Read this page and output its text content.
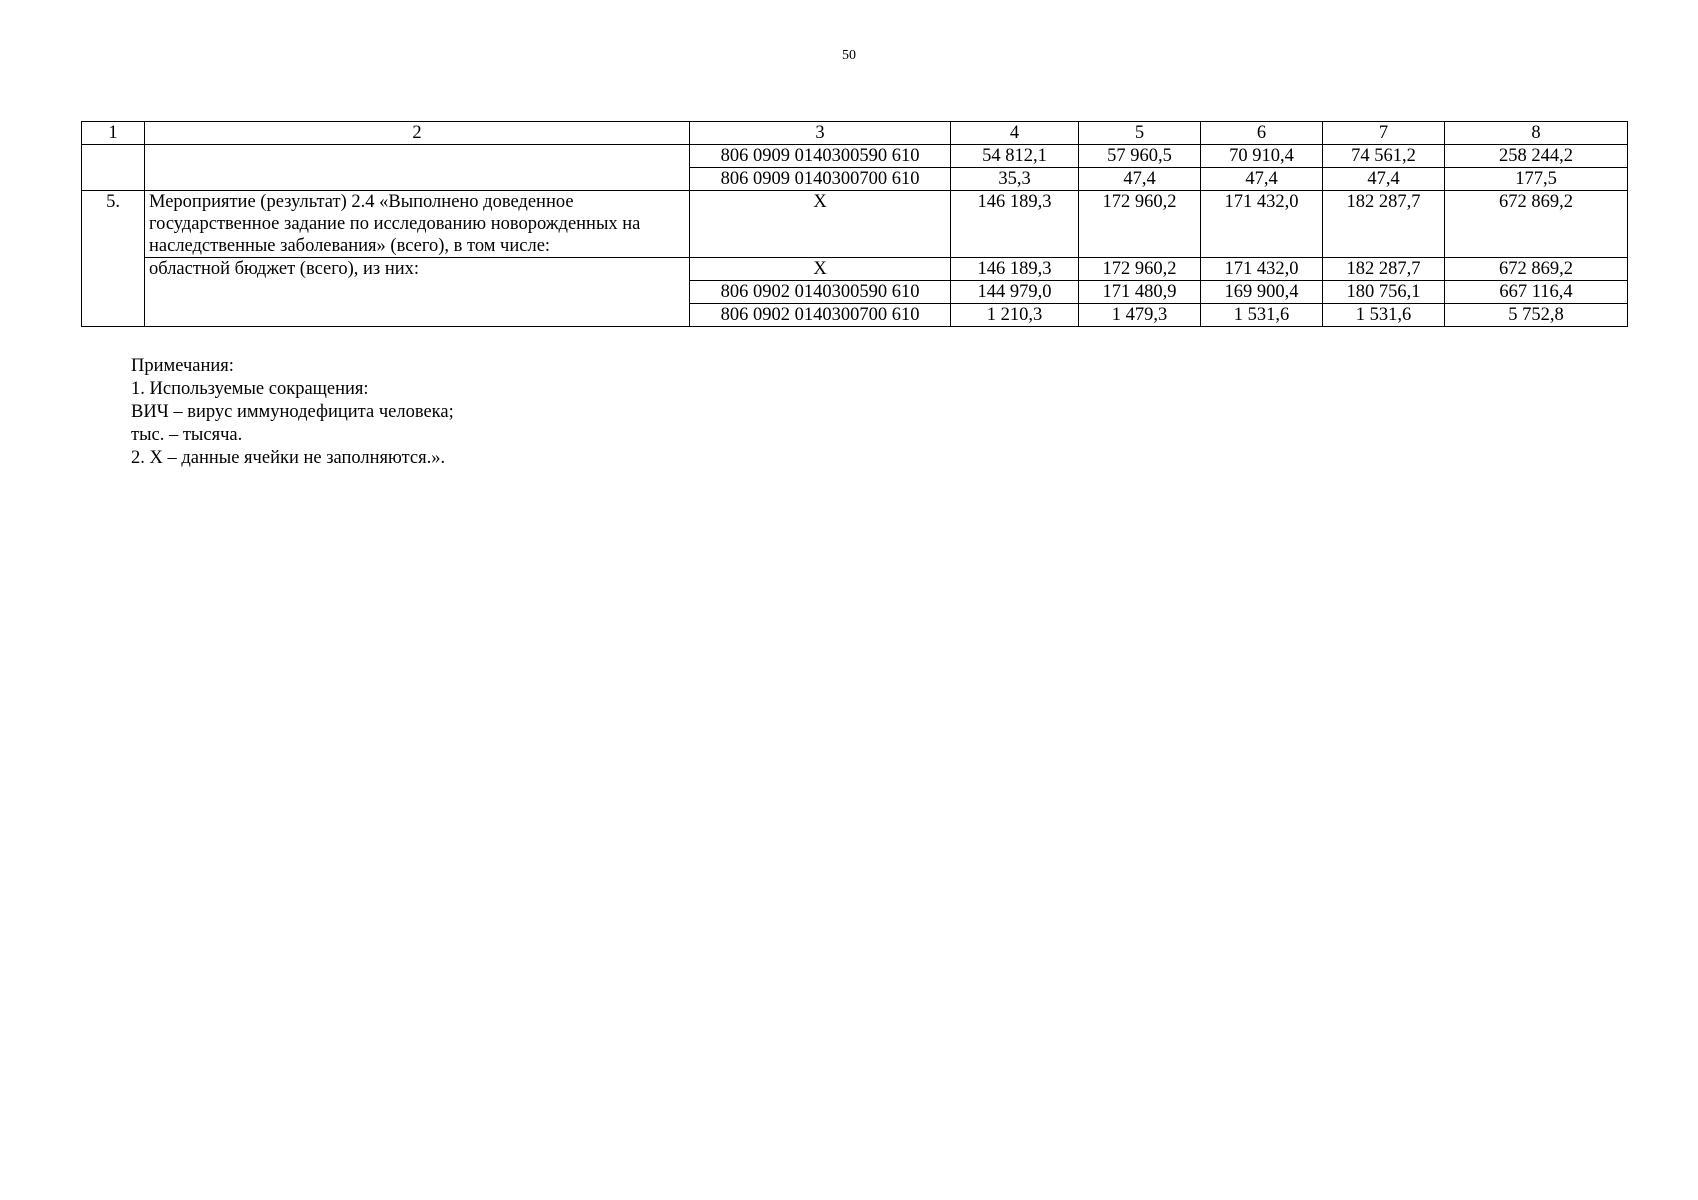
50
1	2	3	4	5	6	7	8
		806 0909 0140300590 610	54 812,1	57 960,5	70 910,4	74 561,2	258 244,2
		806 0909 0140300700 610	35,3	47,4	47,4	47,4	177,5
5.	Мероприятие (результат) 2.4 «Выполнено доведенное государственное задание по исследованию новорожденных на наследственные заболевания» (всего), в том числе:	X	146 189,3	172 960,2	171 432,0	182 287,7	672 869,2
	областной бюджет (всего), из них:	X	146 189,3	172 960,2	171 432,0	182 287,7	672 869,2
		806 0902 0140300590 610	144 979,0	171 480,9	169 900,4	180 756,1	667 116,4
		806 0902 0140300700 610	1 210,3	1 479,3	1 531,6	1 531,6	5 752,8
Примечания:
1. Используемые сокращения:
ВИЧ – вирус иммунодефицита человека;
тыс. – тысяча.
2. X – данные ячейки не заполняются.».
